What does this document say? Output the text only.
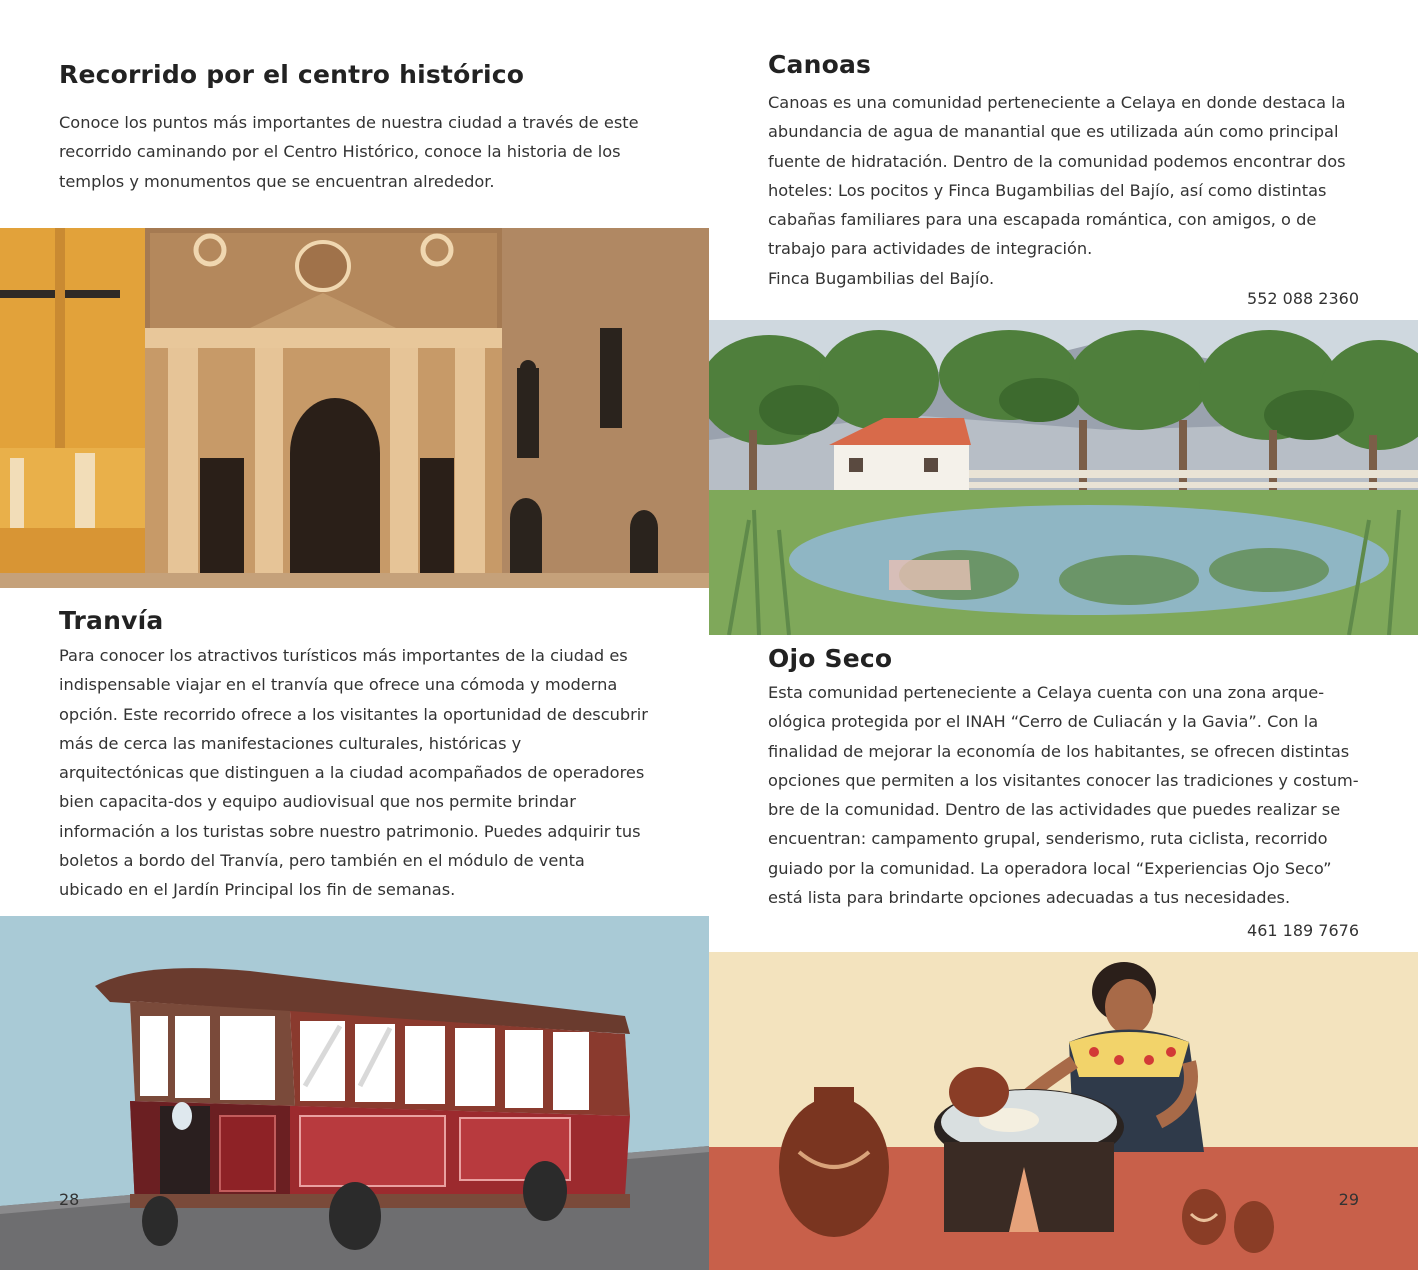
Recorrido por el centro histórico

Conoce los puntos más importantes de nuestra ciudad a través de este recorrido caminando por el Centro Histórico, conoce la historia de los templos y monumentos que se encuentran alrededor.

Tranvía

Para conocer los atractivos turísticos más importantes de la ciudad es indispensable viajar en el tranvía que ofrece una cómoda y moderna opción. Este recorrido ofrece a los visitantes la oportunidad de descubrir más de cerca las manifestaciones culturales, históricas y arquitectónicas que distinguen a la ciudad acompañados de operadores bien capacita-dos y equipo audiovisual que nos permite brindar información a los turistas sobre nuestro patrimonio. Puedes adquirir tus boletos a bordo del Tranvía, pero también en el módulo de venta ubicado en el Jardín Principal los fin de semanas.

28
Canoas

Canoas es una comunidad perteneciente a Celaya en donde destaca la abundancia de agua de manantial que es utilizada aún como principal fuente de hidratación. Dentro de la comunidad podemos encontrar dos hoteles: Los pocitos y Finca Bugambilias del Bajío, así como distintas cabañas familiares para una escapada romántica, con amigos, o de trabajo para actividades de integración.

Finca Bugambilias del Bajío.

552 088 2360
Ojo Seco

Esta comunidad perteneciente a Celaya cuenta con una zona arque-ológica protegida por el INAH “Cerro de Culiacán y la Gavia”. Con la finalidad de mejorar la economía de los habitantes, se ofrecen distintas opciones que permiten a los visitantes conocer las tradiciones y costum-bre de la comunidad. Dentro de las actividades que puedes realizar se encuentran: campamento grupal, senderismo, ruta ciclista, recorrido guiado por la comunidad. La operadora local “Experiencias Ojo Seco” está lista para brindarte opciones adecuadas a tus necesidades.

461 189 7676
29
